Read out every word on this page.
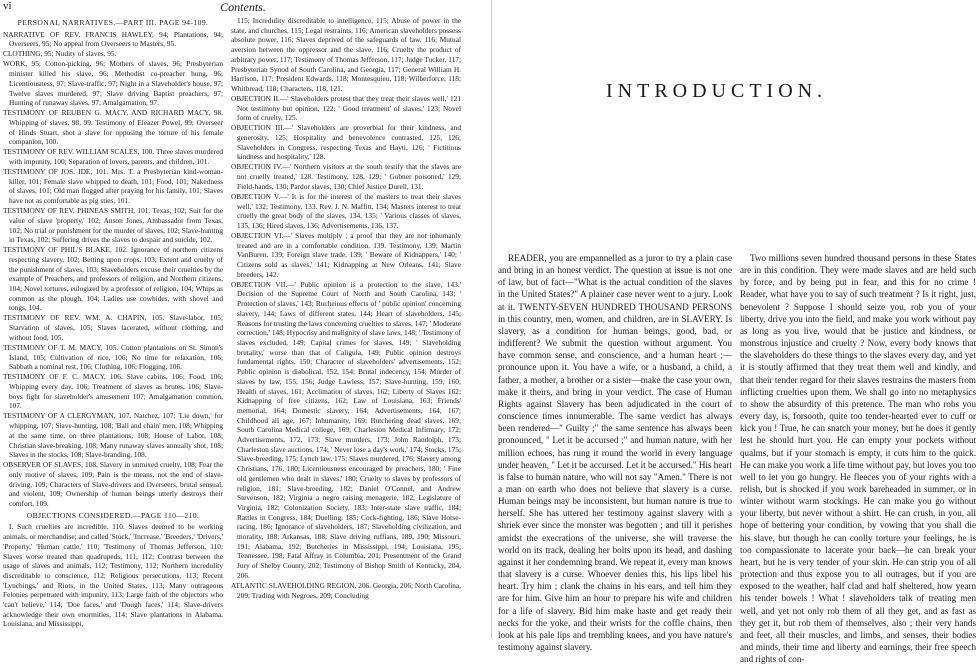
vi	Contents.

PERSONAL NARRATIVES.—PART III. PAGE 94-109.

NARRATIVE OF REV. FRANCIS HAWLEY, 94; Plantations, 94; Overseers, 95; No appeal from Overseers to Masters, 95.

CLOTHING, 95; Nudity of slaves, 95.

WORK, 95; Cotton-picking, 96; Mothers of slaves, 96; Presbyterian minister killed his slave, 96; Methodist co-preacher hung, 96; Licentiousness, 97; Slave-traffic, 97; Night in a Slaveholder's house, 97; Twelve slaves murdered, 97; Slave driving Baptist preachers, 97; Hunting of runaway slaves, 97; Amalgamation, 97.

TESTIMONY OF REUBEN G. MACY, AND RICHARD MACY, 98. Whipping of slaves, 98, 99. Testimony of Eleazer Powel, 99; Overseer of Hinds Stuart, shot a slave for opposing the torture of his female companion, 100.

TESTIMONY OF REV. WILLIAM SCALES, 100. Three slaves murdered with impunity, 100; Separation of lovers, parents, and children, 101.

TESTIMONY OF JOS. IDE, 101. Mrs. T. a Presbyterian kind-woman-killer, 101; Female slave whipped to death, 101; Food, 101; Nakedness of slaves, 101; Old man flogged after praying for his family, 101; Slaves have not as comfortable as pig sties, 101.

TESTIMONY OF REV. PHINEAS SMITH, 101. Texas, 102; Suit for the value of slave 'property,' 102; Anson Jones, Ambassador from Texas, 102; No trial or punishment for the murder of slaves, 102; Slave-hunting in Texas, 102; Suffering drives the slaves to despair and suicide, 102.

TESTIMONY OF PHIL'S BLAKE, 102. Ignorance of northern citizens respecting slavery, 102; Betting upon crops, 103; Extent and cruelty of the punishment of slaves, 103; Slaveholders excuse their cruelties by the example of Preachers, and professors of religion, and Northern citizens, 104; Novel tortures, eulogized by a professor of religion, 104; Whips as common as the plough, 104; Ladies use cowhides, with shovel and tongs, 104.

TESTIMONY OF REV. WM. A. CHAPIN, 105. Slave-labor, 105; Starvation of slaves, 105; Slaves lacerated, without clothing, and without food, 105.

TESTIMONY OF T. M. MACY, 105. Cotton plantations on St. Simon's Island, 105; Cultivation of rice, 106; No time for relaxation, 106; Sabbath a nominal rest, 106; Clothing, 106; Flogging, 106.

TESTIMONY OF F. C. MACY, 106. Slave cabins, 106; Food, 106; Whipping every day, 106; Treatment of slaves as brutes, 106; Slave-boys fight for slaveholder's amusement 107; Amalgamation common, 107.

TESTIMONY OF A CLERGYMAN, 107. Natchez, 107; 'Lie down,' for whipping, 107; Slave-hunting, 108; 'Ball and chain' men, 108; Whipping at the same time, on three plantations, 108; House of Labor, 108; Christian slave-breaking, 108; Many runaway slaves annually shot, 108; Slaves in the stocks, 108; Slave-branding, 108.

OBSERVER OF SLAVES, 108. Slavery in unmixed cruelty, 108; Fear the only motive of slaves, 109; Pain is the means, not the end of slave-driving, 109; Characters of Slave-drivers and Overseers, brutal sensual, and violent, 109; Ownership of human beings utterly destroys their comfort, 109.

OBJECTIONS CONSIDERED.—PAGE 110—210.

I. Such cruelties are incredible, 110. Slaves deemed to be working animals, or merchandise; and called 'Stock,' 'Increase,' 'Breeders,' 'Drivers,' 'Property,' 'Human cattle,' 110; 'Testimony of Thomas Jefferson, 110; Slaves worse treated than quadrupeds, 111, 112; Contrast between the usage of slaves and animals, 112; Testimony, 112; Northern incredulity discreditable to conscience, 112; Religious persecutions, 113; Recent 'Lynchings,' and Riots, in the United States, 113; Many outrageous Felonies perpetrated with impunity, 113; Large faith of the objectors who 'can't believe,' 114; 'Doe faces,' and 'Dough faces,' 114; Slave-drivers acknowledge their own enormities, 114; Slave plantations in Alabama, Louisiana, and Mississippi,

115; Incredulity discreditable to intelligence, 115; Abuse of power in the state, and churches, 115; Legal restraints, 116; American slaveholders possess absolute power, 116; Slaves deprived of the safeguards of law, 116; Mutual aversion between the oppressor and the slave, 116; Cruelty the product of arbitrary power, 117; Testimony of Thomas Jefferson, 117; Judge Tucker, 117; Presbyterian Synod of South Carolina, and Georgia, 117; General William H. Harrison, 117; President Edwards, 118; Montesquieu, 118; Wilberforce, 118; Whitbread, 118; Characters, 118, 121.

OBJECTION II.—' Slaveholders protest that they treat their slaves well,' 121 Not testimony but opinion, 122; ' Good treatment' of slaves,' 123; Novel form of cruelty, 125.

OBJECTION III.—' Slaveholders are proverbial for their kindness, and generosity, 125; Hospitality and benevolence contrasted, 125, 126; Slaveholders in Congress, respecting Texas and Hayti, 126; ' Fictitious kindness and hospitality,' 128.

OBJECTION IV.—' Northern visitors at the south testify that the slaves are not cruelly treated,' 128. Testimony, 128, 129; ' Gubner poisoned,' 129; Field-hands, 130; Pardor slaves, 130; Chief Justice Durell, 131.

OBJECTION V.—' It is for the interest of the masters to treat their slaves well,' 132; Testimony, 133. Rev. J. N. Maffitt, 134; Masters interest to treat cruelly the great body of the slaves, 134, 135; ' Various classes of slaves, 135, 136; Hired slaves, 136; Advertisements, 136, 137.

OBJECTION VI.—' Slaves multiply ; a proof that they are not inhumanly treated and are in a comfortable condition, 139. Testimony, 139; Martin VanBuren, 139; Foreign slave trade, 139; ' Beware of Kidnappers,' 140; ' Citizens sold as slaves,' 141; Kidnapping at New Orleans, 141; Slave breeders, 142.

OBJECTION VII.—' Public opinion is a protection to the slave, 143.' Decision of the Supreme Court of North and South Carolina, 143; ' Protection of slaves,' 143; Rucheious effects of ' public opinion' concerning slavery, 144; Laws of different states, 144; Heart of slaveholders, 145; Reasons for trusting the laws concerning cruelties to slaves, 147; ' Moderate correction,' 148; Hypocrisy and malignity of slave laws, 148; ' Testimony of slaves excluded, 149; Capital crimes for slaves, 149; ' Slaveholding brutality,' worse than that of Caligula, 149; Public opinion destroys fundamental rights, 150; Character of slaveholders' advertisements, 152; Public opinion is diabolical, 152, 154; Brutal indecency, 154; Murder of slaves by law, 155, 156; Judge Lawless, 157; Slave-hunting, 159, 160; Health of slaves, 161; Acclimation of slaves, 162; Liberty of Slaves 162; Kidnapping of free citizens, 162; Law of Louisiana, 163; Friends' memorial, 164; Domestic slavery, 164; Advertisements, 164, 167; Childhood all age, 167; Inhumanity, 169; Butchering dead slaves, 169; South Carolina Medical college, 169; Charleston Medical Infirmary, 172; Advertisements, 172, 173; Slave murders, 173; John Randolph, 173; Charleston slave auctions, 174; ' Never lose a day's work,' 174; Stocks, 175; Slave-breeding, 175; Lynch law, 175; Slaves murdered, 176; Slavery among Christians, 176, 180; Licentiousness encouraged by preachers, 180; ' Fine old gentlemen who dealt in slaves,' 180; Cruelty to slaves by professors of religion, 181; Slave-breeding, 182; Daniel O'Connel, and Andrew Stevenson, 182; Virginia a negro raising menagerie, 182; Legislature of Virginia, 182; Colonization Society, 183; Inter-state slave traffic, 184; Rattles in Congress, 184; Duelling, 185; Cock-fighting, 186; Slave Horse-racing, 186; Ignorance of slaveholders, 187; Slaveholding civilization, and morality, 188; Arkansas, 188; Slave driving ruffians, 189, 190; Missouri, 191; Alabama, 192; Butcheries in Mississippi, 194; Louisiana, 195; Tennessee, 198; Fatal Affray in Columbia, 201; Presentment of the Grand Jury of Shelby County, 202; Testimony of Bishop Smith of Kentucky, 204, 206.

ATLANTIC SLAVEHOLDING REGION, 206. Georgia, 206; North Carolina, 209; Trading with Negroes, 209; Concluding

INTRODUCTION.

READER, you are empannelled as a juror to try a plain case and bring in an honest verdict. The question at issue is not one of law, but of fact—"What is the actual condition of the slaves in the United States?" A plainer case never went to a jury. Look at it. TWENTY-SEVEN HUNDRED THOUSAND PERSONS in this country, men, women, and children, are in SLAVERY. Is slavery, as a condition for human beings, good, bad, or indifferent? We submit the question without argument. You have common sense, and conscience, and a human heart ;—pronounce upon it. You have a wife, or a husband, a child, a father, a mother, a brother or a sister—make the case your own, make it theirs, and bring in your verdict. The case of Human Rights against Slavery has been adjudicated in the court of conscience times innumerable. The same verdict has always been rendered—" Guilty ;" the same sentence has always been pronounced, " Let it be accursed ;" and human nature, with her million echoes, has rung it round the world in every language under heaven, " Let it be accursed. Let it be accursed." His heart is false to human nature, who will not say "Amen." There is not a man on earth who does not believe that slavery is a curse. Human beings may be inconsistent, but human nature is true to herself. She has uttered her testimony against slavery with a shriek ever since the monster was begotten ; and till it perishes amidst the execrations of the universe, she will traverse the world on its track, dealing her bolts upon its head, and dashing against it her condemning brand. We repeat it, every man knows that slavery is a curse. Whoever denies this, his lips libel his heart. Try him ; clank the chains in his ears, and tell him they are for him. Give him an hour to prepare his wife and children for a life of slavery. Bid him make haste and get ready their necks for the yoke, and their wrists for the coffle chains, then look at his pale lips and trembling knees, and you have nature's testimony against slavery.

Two millions seven hundred thousand persons in these States are in this condition. They were made slaves and are held such by force, and by being put in fear, and this for no crime ! Reader, what have you to say of such treatment ? Is it right, just, benevolent ? Suppose I should seize you, rob you of your liberty, drive you into the field, and make you work without pay as long as you live, would that be justice and kindness, or monstrous injustice and cruelty ? Now, every body knows that the slaveholders do these things to the slaves every day, and yet it is stoutly affirmed that they treat them well and kindly, and that their tender regard for their slaves restrains the masters from inflicting cruelties upon them. We shall go into no metaphysics to show the absurdity of this pretence. The man who robs you every day, is, forsooth, quite too tender-hearted ever to cuff or kick you ! True, he can snatch your money, but he does it gently lest he should hurt you. He can empty your pockets without qualms, but if your stomach is empty, it cuts him to the quick. He can make you work a life time without pay, but loves you too well to let you go hungry. He fleeces you of your rights with a relish, but is shocked if you work bareheaded in summer, or in winter without warm stockings. He can make you go without your liberty, but never without a shirt. He can crush, in you, all hope of bettering your condition, by vowing that you shall die his slave, but though he can coolly torture your feelings, he is too compassionate to lacerate your back—he can break your heart, but he is very tender of your skin. He can strip you of all protection and thus expose you to all outrages, but if you are exposed to the weather, half clad and half sheltered, how yearn his tender bowels ! What ! slaveholders talk of treating men well, and yet not only rob them of all they get, and as fast as they get it, but rob them of themselves, also ; their very hands and feet, all their muscles, and limbs, and senses, their bodies and minds, their time and liberty and earnings, their free speech and rights of con-
